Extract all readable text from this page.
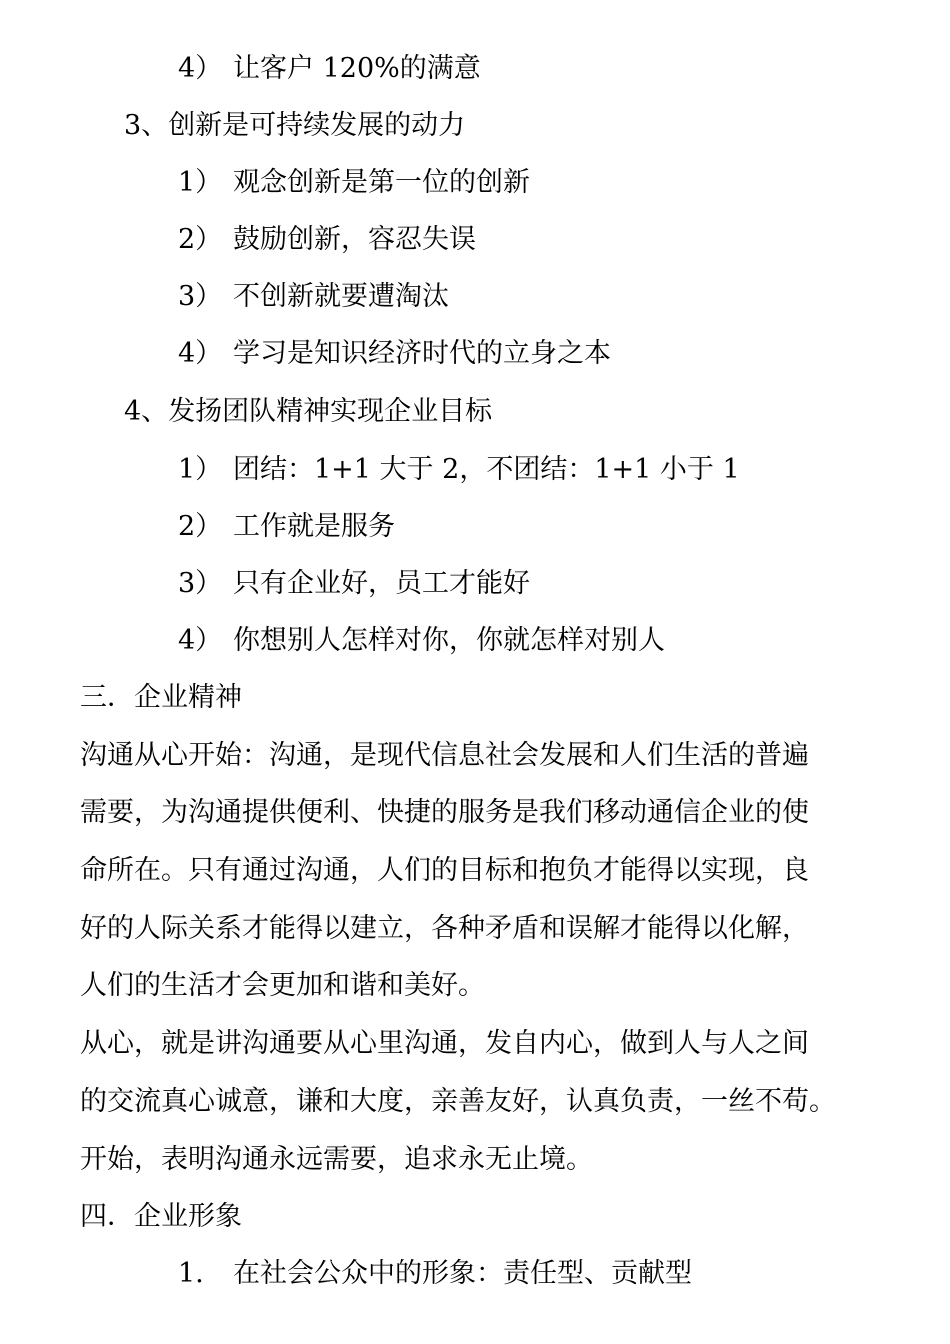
4） 让客户 120%的满意
3、创新是可持续发展的动力
1） 观念创新是第一位的创新
2） 鼓励创新，容忍失误
3） 不创新就要遭淘汰
4） 学习是知识经济时代的立身之本
4、发扬团队精神实现企业目标
1） 团结：1+1 大于 2，不团结：1+1 小于 1
2） 工作就是服务
3） 只有企业好，员工才能好
4） 你想别人怎样对你，你就怎样对别人
三．企业精神
沟通从心开始：沟通，是现代信息社会发展和人们生活的普遍
需要，为沟通提供便利、快捷的服务是我们移动通信企业的使
命所在。只有通过沟通，人们的目标和抱负才能得以实现，良
好的人际关系才能得以建立，各种矛盾和误解才能得以化解，
人们的生活才会更加和谐和美好。
从心，就是讲沟通要从心里沟通，发自内心，做到人与人之间
的交流真心诚意，谦和大度，亲善友好，认真负责，一丝不苟。
开始，表明沟通永远需要，追求永无止境。
四．企业形象
1. 在社会公众中的形象：责任型、贡献型
